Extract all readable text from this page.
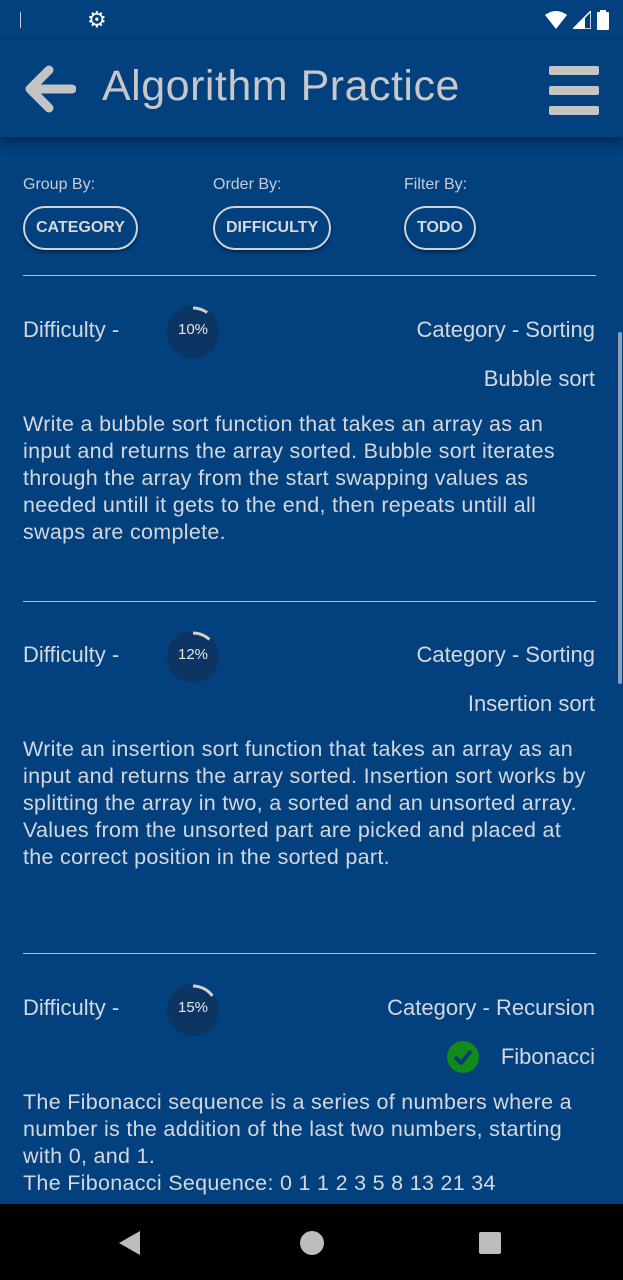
⚙
Algorithm Practice
Group By:
CATEGORY
Order By:
DIFFICULTY
Filter By:
TODO
Difficulty -	10%	Category - Sorting
Bubble sort
Write a bubble sort function that takes an array as an input and returns the array sorted. Bubble sort iterates through the array from the start swapping values as needed untill it gets to the end, then repeats untill all swaps are complete.
Difficulty -	12%	Category - Sorting
Insertion sort
Write an insertion sort function that takes an array as an input and returns the array sorted. Insertion sort works by splitting the array in two, a sorted and an unsorted array. Values from the unsorted part are picked and placed at the correct position in the sorted part.
Difficulty -	15%	Category - Recursion
Fibonacci
The Fibonacci sequence is a series of numbers where a number is the addition of the last two numbers, starting with 0, and 1.
The Fibonacci Sequence: 0 1 1 2 3 5 8 13 21 34
